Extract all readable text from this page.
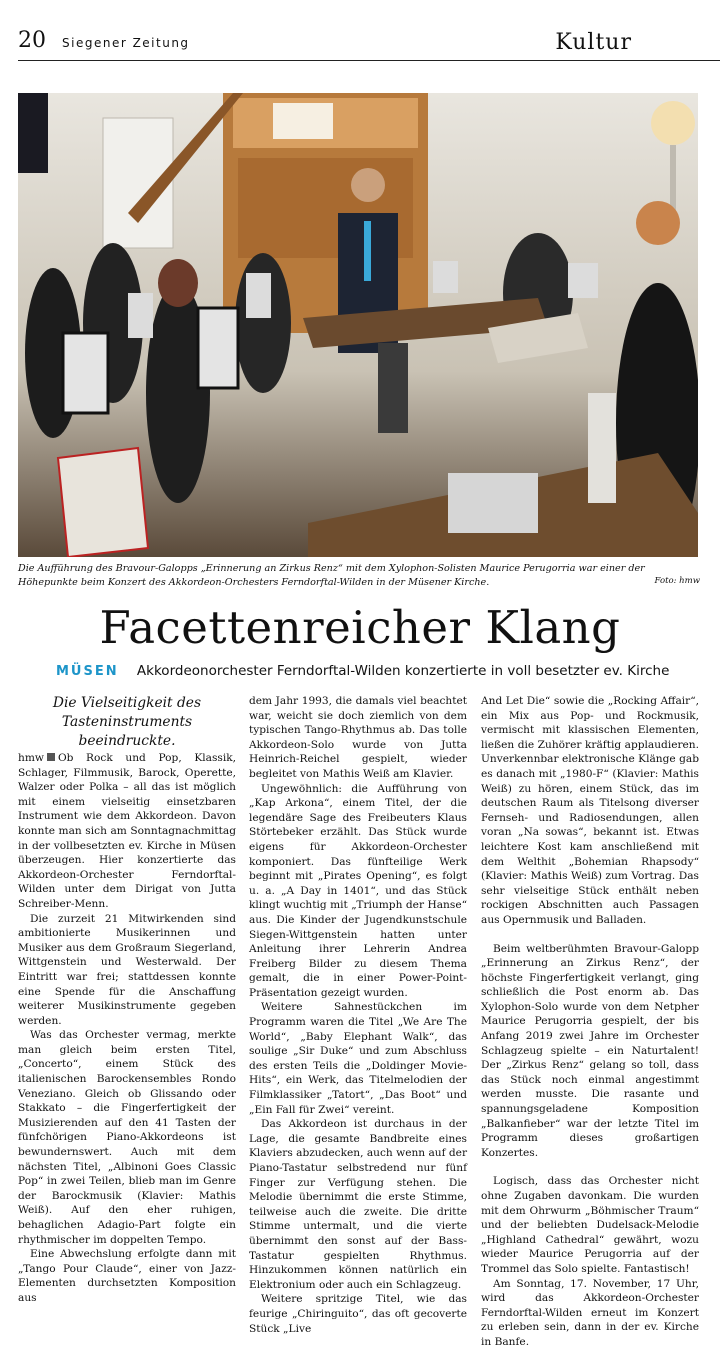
20 Siegener Zeitung	Kultur
Die Aufführung des Bravour-Galopps „Erinnerung an Zirkus Renz“ mit dem Xylophon-Solisten Maurice Perugorria war einer der Höhepunkte beim Konzert des Akkordeon-Orchesters Ferndorftal-Wilden in der Müsener Kirche.	Foto: hmw
Facettenreicher Klang
MÜSEN Akkordeonorchester Ferndorftal-Wilden konzertierte in voll besetzter ev. Kirche

Die Vielseitigkeit des Tasteninstruments beeindruckte.

hmw Ob Rock und Pop, Klassik, Schlager, Filmmusik, Barock, Operette, Walzer oder Polka – all das ist möglich mit einem vielseitig einsetzbaren Instrument wie dem Akkordeon. Davon konnte man sich am Sonntagnachmittag in der vollbesetzten ev. Kirche in Müsen überzeugen. Hier konzertierte das Akkordeon-Orchester Ferndorftal-Wilden unter dem Dirigat von Jutta Schreiber-Menn.

Die zurzeit 21 Mitwirkenden sind ambitionierte Musikerinnen und Musiker aus dem Großraum Siegerland, Wittgenstein und Westerwald. Der Eintritt war frei; stattdessen konnte eine Spende für die Anschaffung weiterer Musikinstrumente gegeben werden.

Was das Orchester vermag, merkte man gleich beim ersten Titel, „Concerto“, einem Stück des italienischen Barockensembles Rondo Veneziano. Gleich ob Glissando oder Stakkato – die Fingerfertigkeit der Musizierenden auf den 41 Tasten der fünfchörigen Piano-Akkordeons ist bewundernswert. Auch mit dem nächsten Titel, „Albinoni Goes Classic Pop“ in zwei Teilen, blieb man im Genre der Barockmusik (Klavier: Mathis Weiß). Auf den eher ruhigen, behaglichen Adagio-Part folgte ein rhythmischer im doppelten Tempo.

Eine Abwechslung erfolgte dann mit „Tango Pour Claude“, einer von Jazz-Elementen durchsetzten Komposition aus

dem Jahr 1993, die damals viel beachtet war, weicht sie doch ziemlich von dem typischen Tango-Rhythmus ab. Das tolle Akkordeon-Solo wurde von Jutta Heinrich-Reichel gespielt, wieder begleitet von Mathis Weiß am Klavier.

Ungewöhnlich: die Aufführung von „Kap Arkona“, einem Titel, der die legendäre Sage des Freibeuters Klaus Störtebeker erzählt. Das Stück wurde eigens für Akkordeon-Orchester komponiert. Das fünfteilige Werk beginnt mit „Pirates Opening“, es folgt u. a. „A Day in 1401“, und das Stück klingt wuchtig mit „Triumph der Hanse“ aus. Die Kinder der Jugendkunstschule Siegen-Wittgenstein hatten unter Anleitung ihrer Lehrerin Andrea Freiberg Bilder zu diesem Thema gemalt, die in einer Power-Point-Präsentation gezeigt wurden.

Weitere Sahnestückchen im Programm waren die Titel „We Are The World“, „Baby Elephant Walk“, das soulige „Sir Duke“ und zum Abschluss des ersten Teils die „Doldinger Movie-Hits“, ein Werk, das Titelmelodien der Filmklassiker „Tatort“, „Das Boot“ und „Ein Fall für Zwei“ vereint.

Das Akkordeon ist durchaus in der Lage, die gesamte Bandbreite eines Klaviers abzudecken, auch wenn auf der Piano-Tastatur selbstredend nur fünf Finger zur Verfügung stehen. Die Melodie übernimmt die erste Stimme, teilweise auch die zweite. Die dritte Stimme untermalt, und die vierte übernimmt den sonst auf der Bass-Tastatur gespielten Rhythmus. Hinzukommen können natürlich ein Elektronium oder auch ein Schlagzeug.

Weitere spritzige Titel, wie das feurige „Chiringuito“, das oft gecoverte Stück „Live

And Let Die“ sowie die „Rocking Affair“, ein Mix aus Pop- und Rockmusik, vermischt mit klassischen Elementen, ließen die Zuhörer kräftig applaudieren. Unverkennbar elektronische Klänge gab es danach mit „1980-F“ (Klavier: Mathis Weiß) zu hören, einem Stück, das im deutschen Raum als Titelsong diverser Fernseh- und Radiosendungen, allen voran „Na sowas“, bekannt ist. Etwas leichtere Kost kam anschließend mit dem Welthit „Bohemian Rhapsody“ (Klavier: Mathis Weiß) zum Vortrag. Das sehr vielseitige Stück enthält neben rockigen Abschnitten auch Passagen aus Opernmusik und Balladen.

Beim weltberühmten Bravour-Galopp „Erinnerung an Zirkus Renz“, der höchste Fingerfertigkeit verlangt, ging schließlich die Post enorm ab. Das Xylophon-Solo wurde von dem Netpher Maurice Perugorria gespielt, der bis Anfang 2019 zwei Jahre im Orchester Schlagzeug spielte – ein Naturtalent! Der „Zirkus Renz“ gelang so toll, dass das Stück noch einmal angestimmt werden musste. Die rasante und spannungsgeladene Komposition „Balkanfieber“ war der letzte Titel im Programm dieses großartigen Konzertes.

Logisch, dass das Orchester nicht ohne Zugaben davonkam. Die wurden mit dem Ohrwurm „Böhmischer Traum“ und der beliebten Dudelsack-Melodie „Highland Cathedral“ gewährt, wozu wieder Maurice Perugorria auf der Trommel das Solo spielte. Fantastisch!

Am Sonntag, 17. November, 17 Uhr, wird das Akkordeon-Orchester Ferndorftal-Wilden erneut im Konzert zu erleben sein, dann in der ev. Kirche in Banfe.
